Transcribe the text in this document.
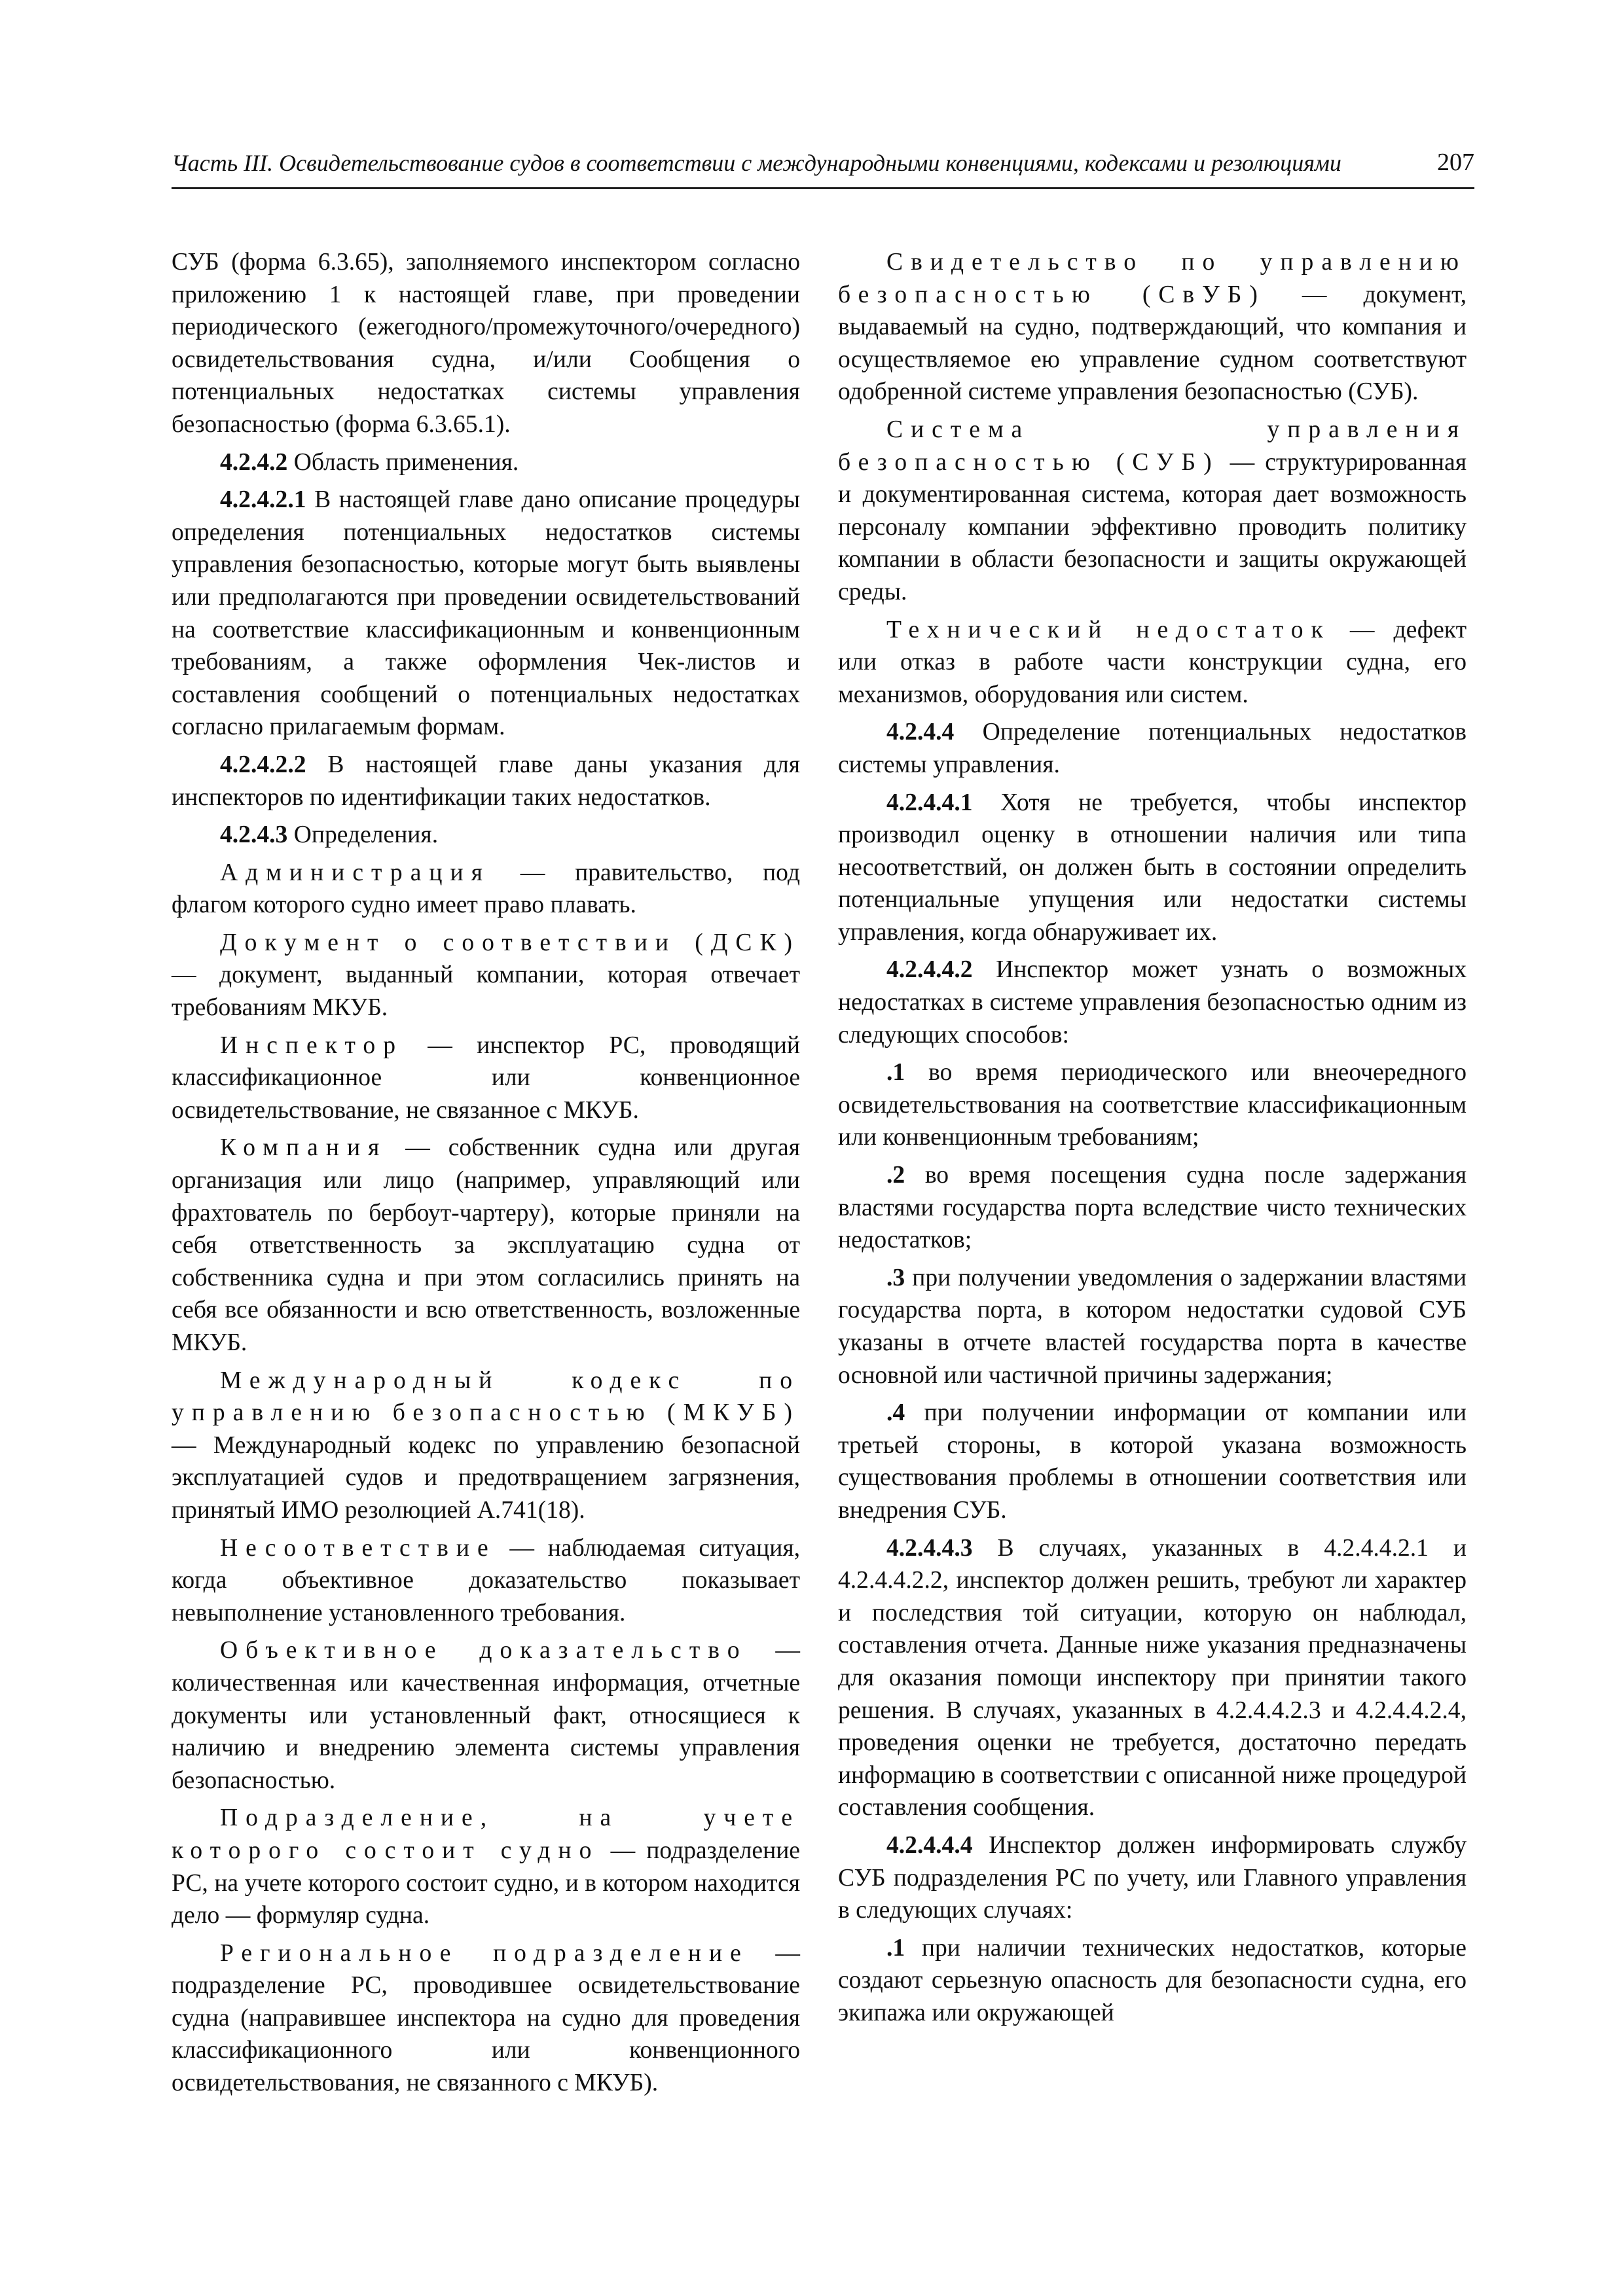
Часть III. Освидетельствование судов в соответствии с международными конвенциями, кодексами и резолюциями	207

СУБ (форма 6.3.65), заполняемого инспектором согласно приложению 1 к настоящей главе, при проведении периодического (ежегодного/промежуточного/очередного) освидетельствования судна, и/или Сообщения о потенциальных недостатках системы управления безопасностью (форма 6.3.65.1).

4.2.4.2 Область применения.

4.2.4.2.1 В настоящей главе дано описание процедуры определения потенциальных недостатков системы управления безопасностью, которые могут быть выявлены или предполагаются при проведении освидетельствований на соответствие классификационным и конвенционным требованиям, а также оформления Чек-листов и составления сообщений о потенциальных недостатках согласно прилагаемым формам.

4.2.4.2.2 В настоящей главе даны указания для инспекторов по идентификации таких недостатков.

4.2.4.3 Определения.

Администрация — правительство, под флагом которого судно имеет право плавать.

Документ о соответствии (ДСК) — документ, выданный компании, которая отвечает требованиям МКУБ.

Инспектор — инспектор РС, проводящий классификационное или конвенционное освидетельствование, не связанное с МКУБ.

Компания — собственник судна или другая организация или лицо (например, управляющий или фрахтователь по бербоут-чартеру), которые приняли на себя ответственность за эксплуатацию судна от собственника судна и при этом согласились принять на себя все обязанности и всю ответственность, возложенные МКУБ.

Международный кодекс по управлению безопасностью (МКУБ) — Международный кодекс по управлению безопасной эксплуатацией судов и предотвращением загрязнения, принятый ИМО резолюцией А.741(18).

Несоответствие — наблюдаемая ситуация, когда объективное доказательство показывает невыполнение установленного требования.

Объективное доказательство — количественная или качественная информация, отчетные документы или установленный факт, относящиеся к наличию и внедрению элемента системы управления безопасностью.

Подразделение, на учете которого состоит судно — подразделение РС, на учете которого состоит судно, и в котором находится дело — формуляр судна.

Региональное подразделение — подразделение РС, проводившее освидетельствование судна (направившее инспектора на судно для проведения классификационного или конвенционного освидетельствования, не связанного с МКУБ).

Свидетельство по управлению безопасностью (СвУБ) — документ, выдаваемый на судно, подтверждающий, что компания и осуществляемое ею управление судном соответствуют одобренной системе управления безопасностью (СУБ).

Система управления безопасностью (СУБ) — структурированная и документированная система, которая дает возможность персоналу компании эффективно проводить политику компании в области безопасности и защиты окружающей среды.

Технический недостаток — дефект или отказ в работе части конструкции судна, его механизмов, оборудования или систем.

4.2.4.4 Определение потенциальных недостатков системы управления.

4.2.4.4.1 Хотя не требуется, чтобы инспектор производил оценку в отношении наличия или типа несоответствий, он должен быть в состоянии определить потенциальные упущения или недостатки системы управления, когда обнаруживает их.

4.2.4.4.2 Инспектор может узнать о возможных недостатках в системе управления безопасностью одним из следующих способов:

.1 во время периодического или внеочередного освидетельствования на соответствие классификационным или конвенционным требованиям;

.2 во время посещения судна после задержания властями государства порта вследствие чисто технических недостатков;

.3 при получении уведомления о задержании властями государства порта, в котором недостатки судовой СУБ указаны в отчете властей государства порта в качестве основной или частичной причины задержания;

.4 при получении информации от компании или третьей стороны, в которой указана возможность существования проблемы в отношении соответствия или внедрения СУБ.

4.2.4.4.3 В случаях, указанных в 4.2.4.4.2.1 и 4.2.4.4.2.2, инспектор должен решить, требуют ли характер и последствия той ситуации, которую он наблюдал, составления отчета. Данные ниже указания предназначены для оказания помощи инспектору при принятии такого решения. В случаях, указанных в 4.2.4.4.2.3 и 4.2.4.4.2.4, проведения оценки не требуется, достаточно передать информацию в соответствии с описанной ниже процедурой составления сообщения.

4.2.4.4.4 Инспектор должен информировать службу СУБ подразделения РС по учету, или Главного управления в следующих случаях:

.1 при наличии технических недостатков, которые создают серьезную опасность для безопасности судна, его экипажа или окружающей
